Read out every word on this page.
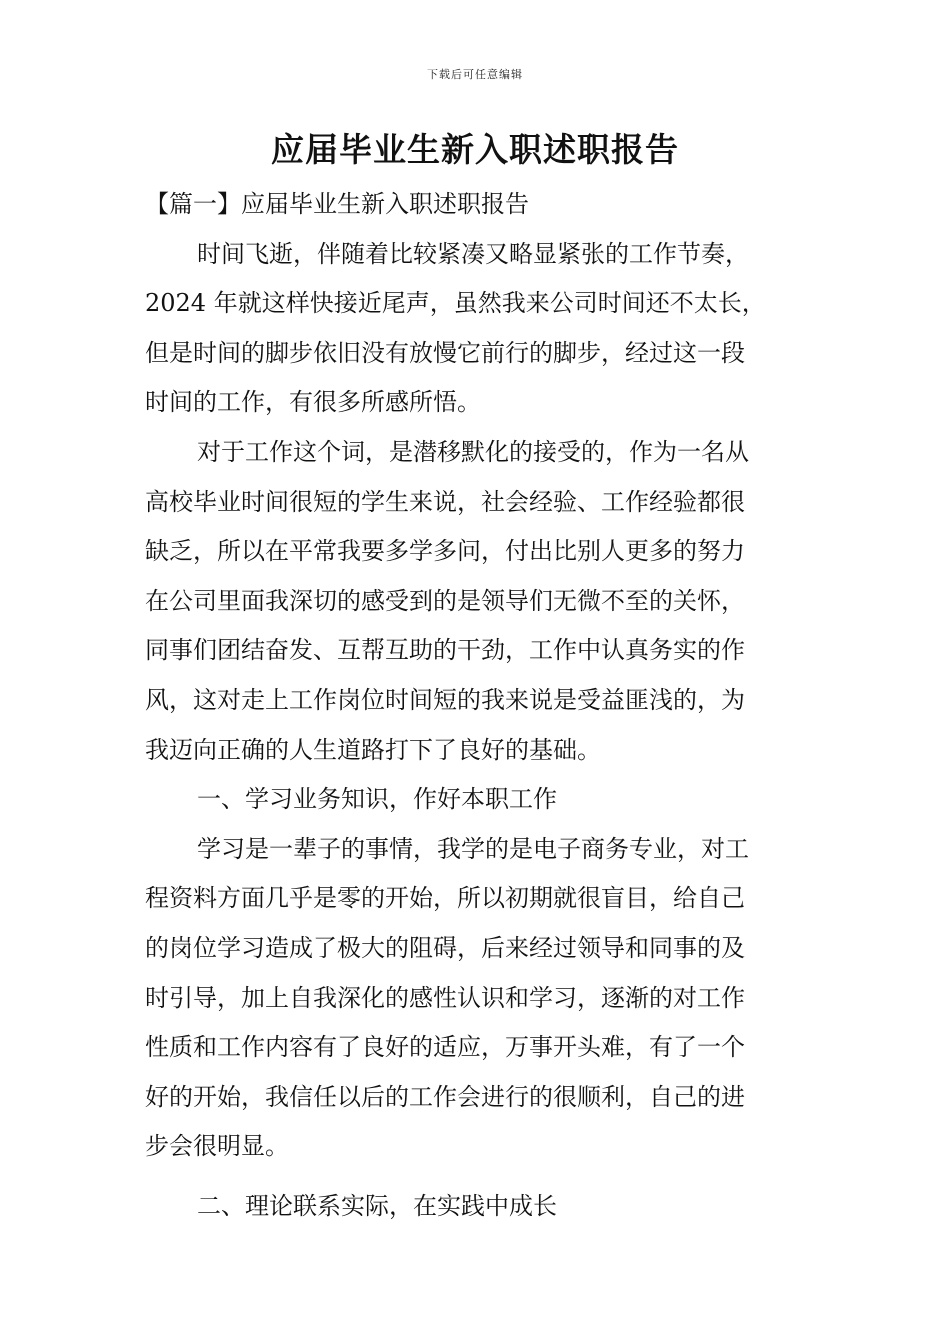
下载后可任意编辑
应届毕业生新入职述职报告
【篇一】应届毕业生新入职述职报告
时间飞逝，伴随着比较紧凑又略显紧张的工作节奏，
2024 年就这样快接近尾声，虽然我来公司时间还不太长，
但是时间的脚步依旧没有放慢它前行的脚步，经过这一段
时间的工作，有很多所感所悟。
对于工作这个词，是潜移默化的接受的，作为一名从
高校毕业时间很短的学生来说，社会经验、工作经验都很
缺乏，所以在平常我要多学多问，付出比别人更多的努力
在公司里面我深切的感受到的是领导们无微不至的关怀，
同事们团结奋发、互帮互助的干劲，工作中认真务实的作
风，这对走上工作岗位时间短的我来说是受益匪浅的，为
我迈向正确的人生道路打下了良好的基础。
一、学习业务知识，作好本职工作
学习是一辈子的事情，我学的是电子商务专业，对工
程资料方面几乎是零的开始，所以初期就很盲目，给自己
的岗位学习造成了极大的阻碍，后来经过领导和同事的及
时引导，加上自我深化的感性认识和学习，逐渐的对工作
性质和工作内容有了良好的适应，万事开头难，有了一个
好的开始，我信任以后的工作会进行的很顺利，自己的进
步会很明显。
二、理论联系实际，在实践中成长
